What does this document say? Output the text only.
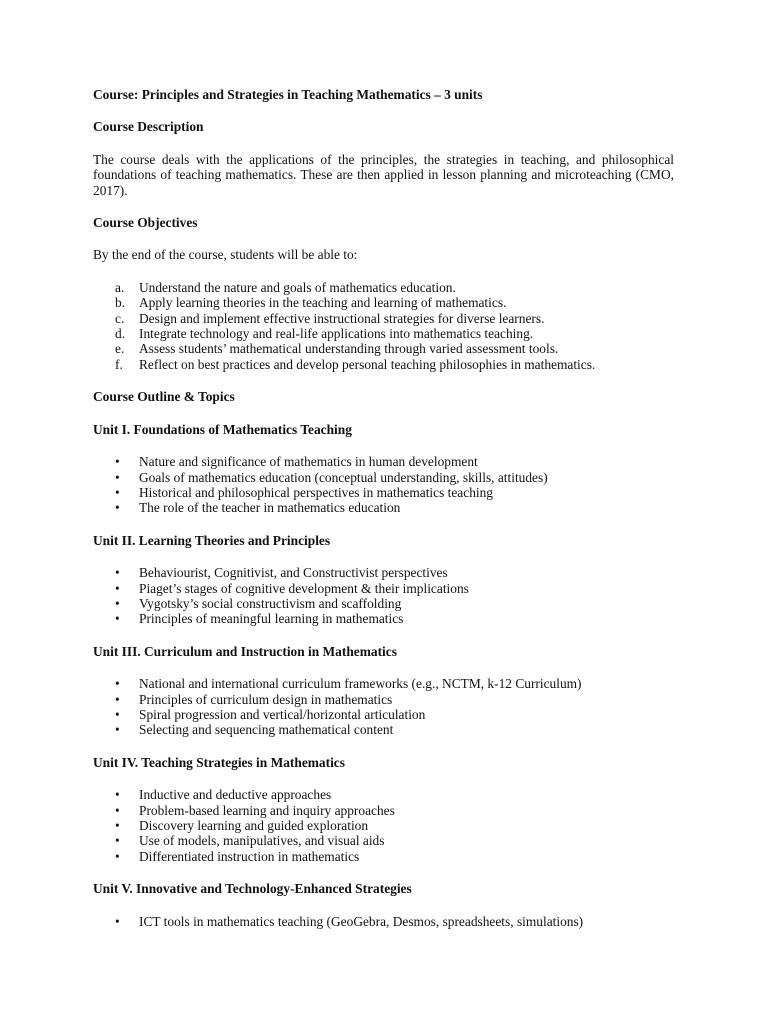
Course: Principles and Strategies in Teaching Mathematics – 3 units

Course Description

The course deals with the applications of the principles, the strategies in teaching, and philosophical foundations of teaching mathematics. These are then applied in lesson planning and microteaching (CMO, 2017).

Course Objectives

By the end of the course, students will be able to:

a. Understand the nature and goals of mathematics education.
b. Apply learning theories in the teaching and learning of mathematics.
c. Design and implement effective instructional strategies for diverse learners.
d. Integrate technology and real-life applications into mathematics teaching.
e. Assess students’ mathematical understanding through varied assessment tools.
f. Reflect on best practices and develop personal teaching philosophies in mathematics.

Course Outline & Topics

Unit I. Foundations of Mathematics Teaching

• Nature and significance of mathematics in human development
• Goals of mathematics education (conceptual understanding, skills, attitudes)
• Historical and philosophical perspectives in mathematics teaching
• The role of the teacher in mathematics education

Unit II. Learning Theories and Principles

• Behaviourist, Cognitivist, and Constructivist perspectives
• Piaget’s stages of cognitive development & their implications
• Vygotsky’s social constructivism and scaffolding
• Principles of meaningful learning in mathematics

Unit III. Curriculum and Instruction in Mathematics

• National and international curriculum frameworks (e.g., NCTM, k-12 Curriculum)
• Principles of curriculum design in mathematics
• Spiral progression and vertical/horizontal articulation
• Selecting and sequencing mathematical content

Unit IV. Teaching Strategies in Mathematics

• Inductive and deductive approaches
• Problem-based learning and inquiry approaches
• Discovery learning and guided exploration
• Use of models, manipulatives, and visual aids
• Differentiated instruction in mathematics

Unit V. Innovative and Technology-Enhanced Strategies

• ICT tools in mathematics teaching (GeoGebra, Desmos, spreadsheets, simulations)
